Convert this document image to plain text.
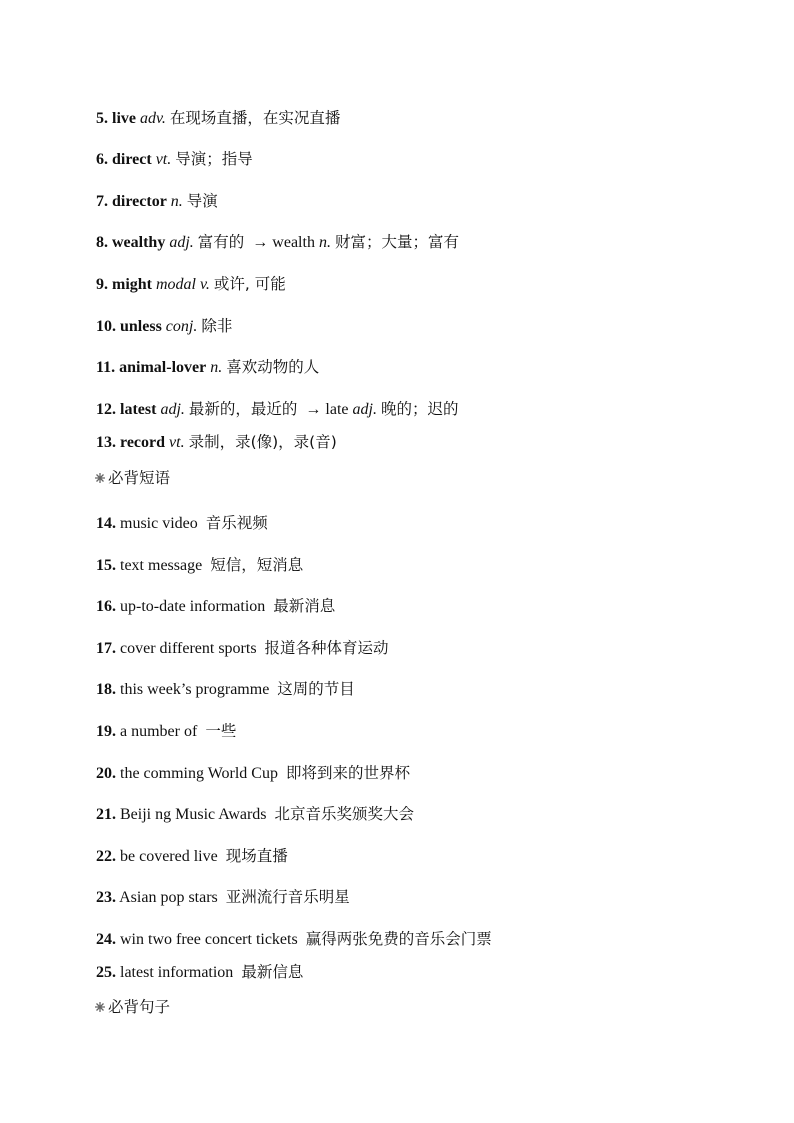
5. live adv. 在现场直播，在实况直播
6. direct vt. 导演；指导
7. director n. 导演
8. wealthy adj. 富有的 → wealth n. 财富；大量；富有
9. might modal v. 或许, 可能
10. unless conj. 除非
11. animal-lover n. 喜欢动物的人
12. latest adj. 最新的，最近的 → late adj. 晚的；迟的
13. record vt. 录制，录(像)，录(音)
必背短语
14. music video 音乐视频
15. text message 短信，短消息
16. up-to-date information 最新消息
17. cover different sports 报道各种体育运动
18. this week’s programme 这周的节目
19. a number of 一些
20. the comming World Cup 即将到来的世界杯
21. Beiji ng Music Awards 北京音乐奖颁奖大会
22. be covered live 现场直播
23. Asian pop stars 亚洲流行音乐明星
24. win two free concert tickets 赢得两张免费的音乐会门票
25. latest information 最新信息
必背句子
